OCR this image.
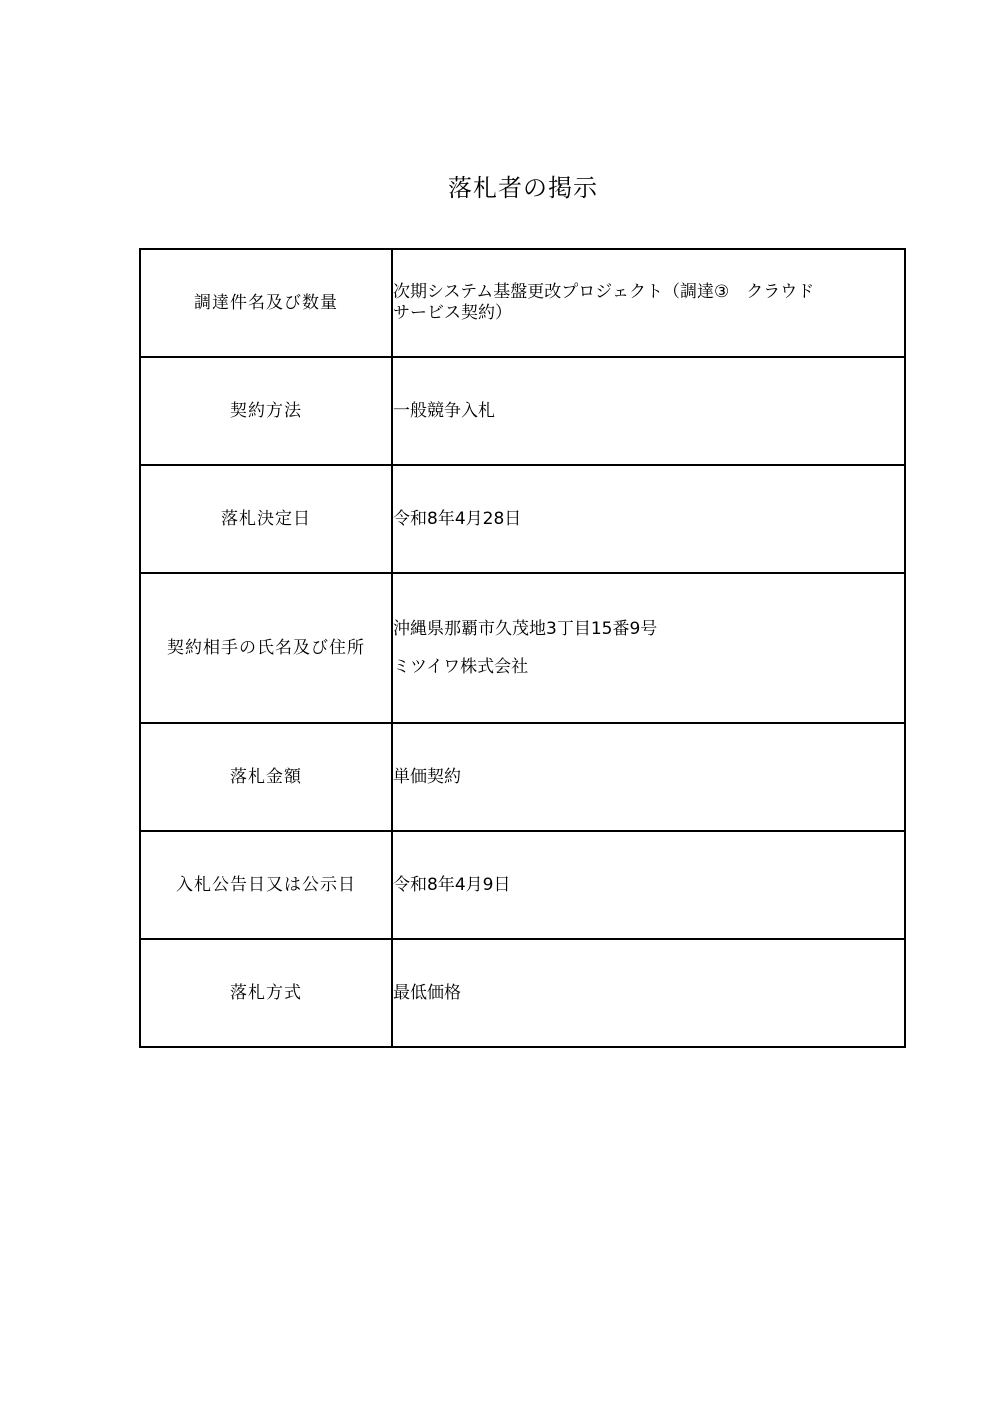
落札者の掲示
調達件名及び数量	次期システム基盤更改プロジェクト（調達③　クラウド
サービス契約）

契約方法	一般競争入札
落札決定日	令和8年4月28日
契約相手の氏名及び住所	沖縄県那覇市久茂地3丁目15番9号
ミツイワ株式会社

落札金額	単価契約
入札公告日又は公示日	令和8年4月9日
落札方式	最低価格
